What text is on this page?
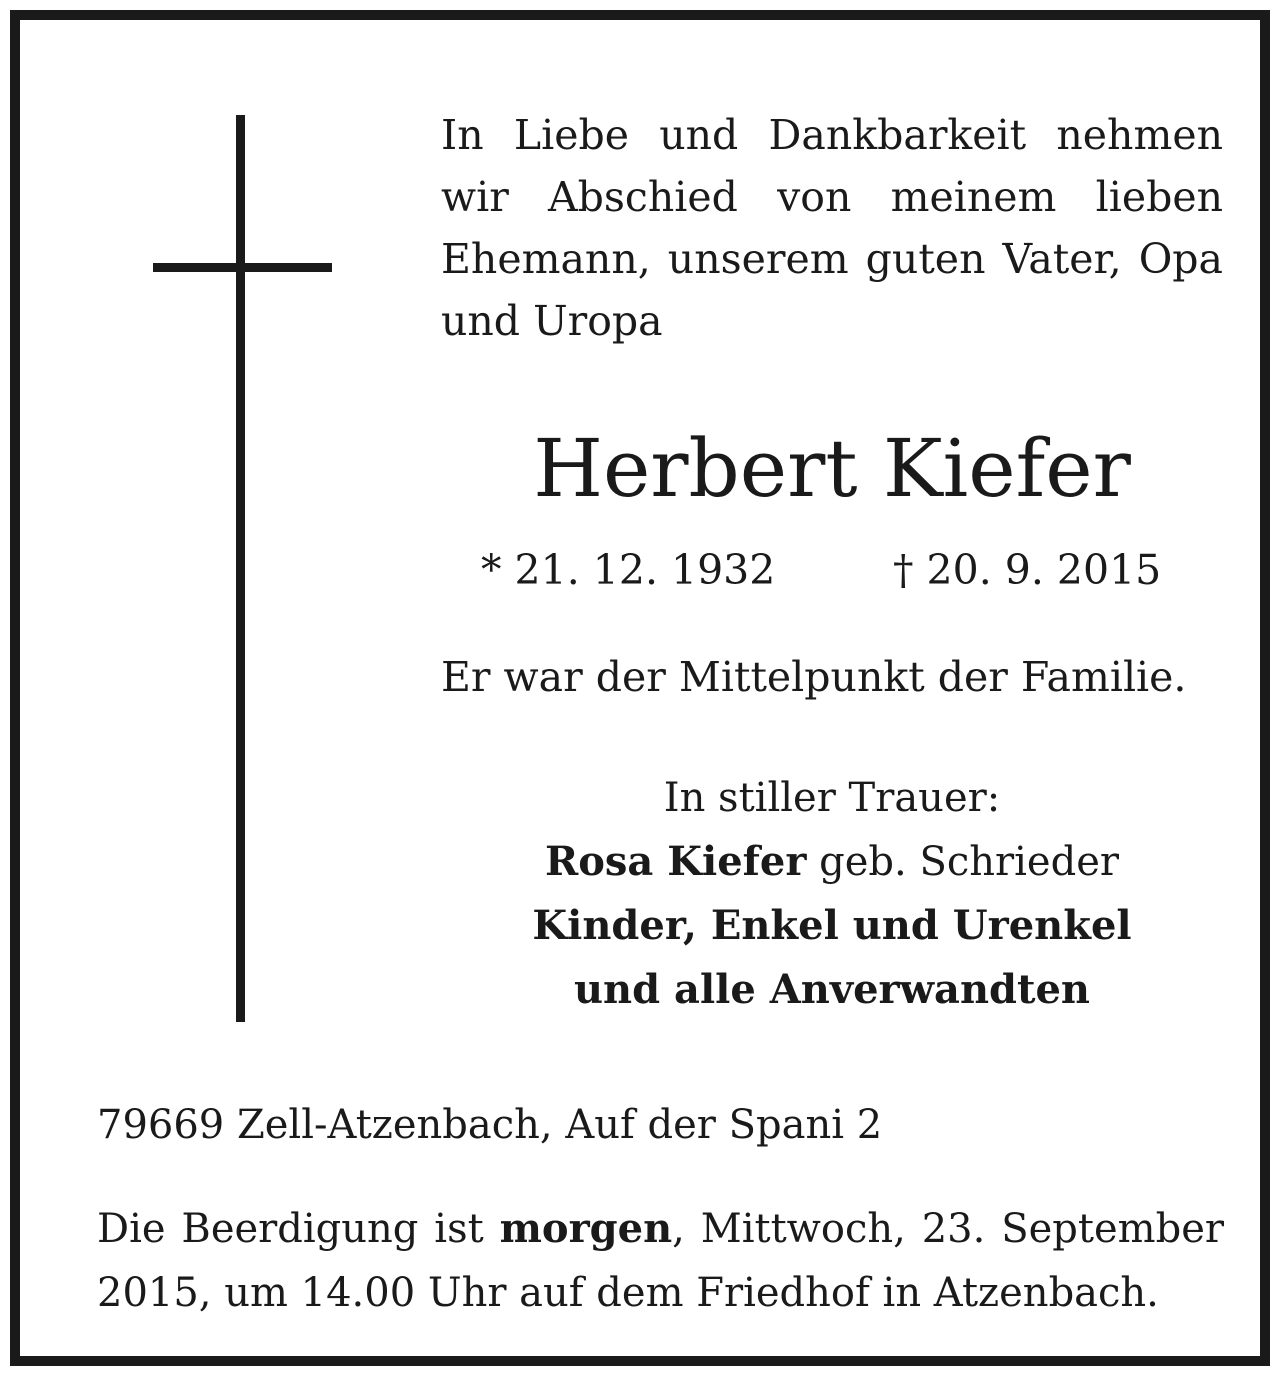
In Liebe und Dankbarkeit nehmen wir Abschied von meinem lieben Ehemann, unserem guten Vater, Opa und Uropa

Herbert Kiefer
* 21. 12. 1932	† 20. 9. 2015

Er war der Mittelpunkt der Familie.

In stiller Trauer:
Rosa Kiefer geb. Schrieder
Kinder, Enkel und Urenkel
und alle Anverwandten

79669 Zell-Atzenbach, Auf der Spani 2

Die Beerdigung ist morgen, Mittwoch, 23. September 2015, um 14.00 Uhr auf dem Friedhof in Atzenbach.
